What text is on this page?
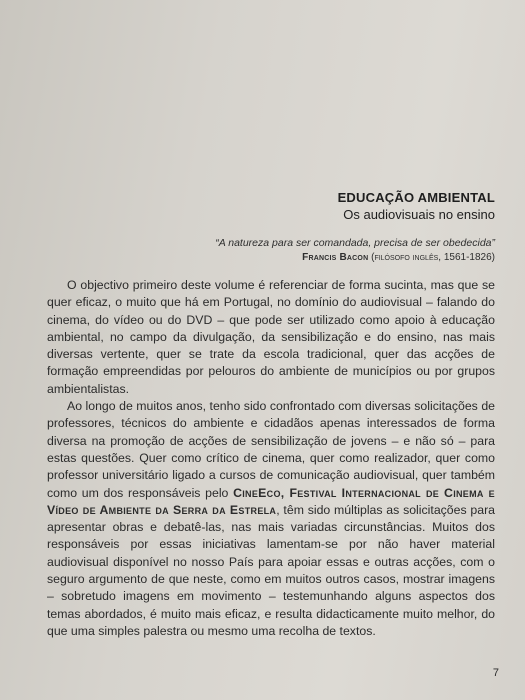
EDUCAÇÃO AMBIENTAL
Os audiovisuais no ensino
“A natureza para ser comandada, precisa de ser obedecida”
Francis Bacon (filósofo inglês, 1561-1826)

O objectivo primeiro deste volume é referenciar de forma sucinta, mas que se quer eficaz, o muito que há em Portugal, no domínio do audiovisual – falando do cinema, do vídeo ou do DVD – que pode ser utilizado como apoio à educação ambiental, no campo da divulgação, da sensibilização e do ensino, nas mais diversas vertente, quer se trate da escola tradicional, quer das acções de formação empreendidas por pelouros do ambiente de municípios ou por grupos ambientalistas.

Ao longo de muitos anos, tenho sido confrontado com diversas solicitações de professores, técnicos do ambiente e cidadãos apenas interessados de forma diversa na promoção de acções de sensibilização de jovens – e não só – para estas questões. Quer como crítico de cinema, quer como realizador, quer como professor universitário ligado a cursos de comunicação audiovisual, quer também como um dos responsáveis pelo CineEco, Festival Internacional de Cinema e Vídeo de Ambiente da Serra da Estrela, têm sido múltiplas as solicitações para apresentar obras e debatê-las, nas mais variadas circunstâncias. Muitos dos responsáveis por essas iniciativas lamentam-se por não haver material audiovisual disponível no nosso País para apoiar essas e outras acções, com o seguro argumento de que neste, como em muitos outros casos, mostrar imagens – sobretudo imagens em movimento – testemunhando alguns aspectos dos temas abordados, é muito mais eficaz, e resulta didacticamente muito melhor, do que uma simples palestra ou mesmo uma recolha de textos.

7
